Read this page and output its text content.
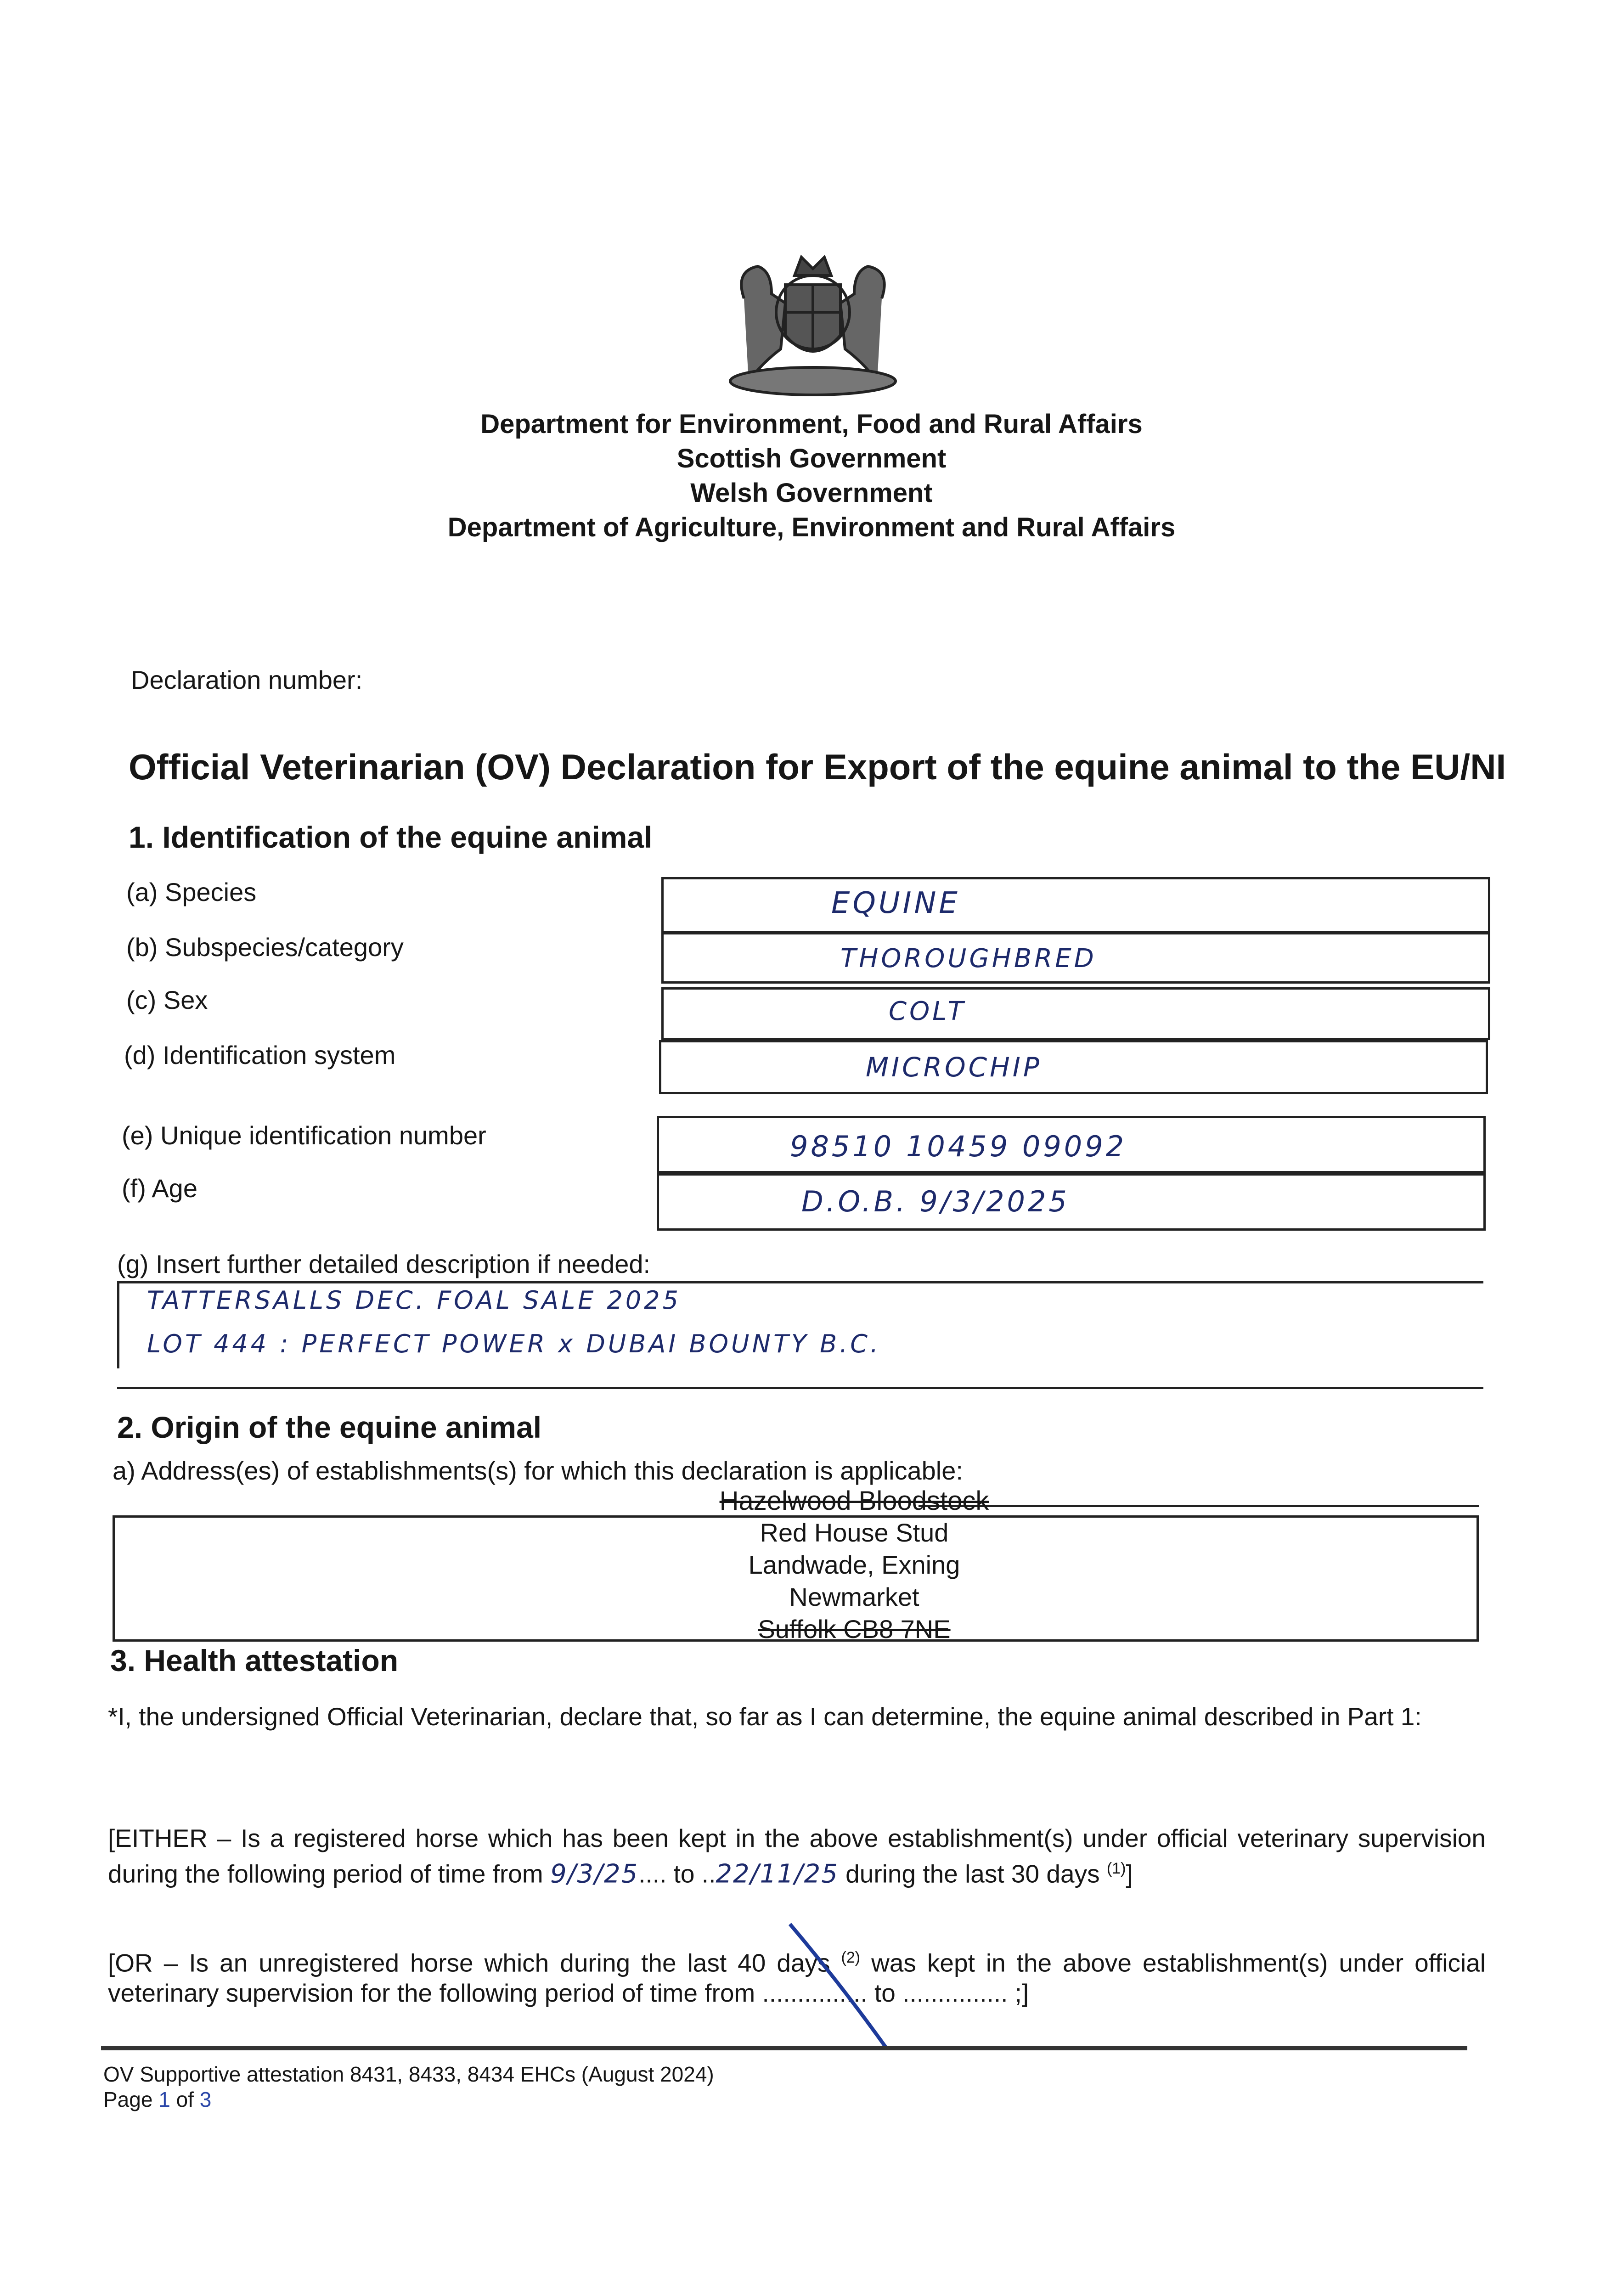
Department for Environment, Food and Rural Affairs
Scottish Government
Welsh Government
Department of Agriculture, Environment and Rural Affairs
Declaration number:
Official Veterinarian (OV) Declaration for Export of the equine animal to the EU/NI
1. Identification of the equine animal
(a) Species	EQUINE
(b) Subspecies/category	THOROUGHBRED
(c) Sex	COLT
(d) Identification system	MICROCHIP
(e) Unique identification number	98510 10459 09092
(f) Age	D.O.B. 9/3/2025
(g) Insert further detailed description if needed:
TATTERSALLS DEC. FOAL SALE 2025
LOT 444 : PERFECT POWER x DUBAI BOUNTY B.C.
2. Origin of the equine animal
a) Address(es) of establishments(s) for which this declaration is applicable:
Hazelwood Bloodstock
Red House Stud
Landwade, Exning
Newmarket
Suffolk CB8 7NE
3. Health attestation
*I, the undersigned Official Veterinarian, declare that, so far as I can determine, the equine animal described in Part 1:
[EITHER – Is a registered horse which has been kept in the above establishment(s) under official veterinary supervision during the following period of time from 9/3/25.... to ..22/11/25 during the last 30 days $^{(1)}$]
[OR – Is an unregistered horse which during the last 40 days $^{(2)}$ was kept in the above establishment(s) under official veterinary supervision for the following period of time from ............... to ............... ;]
OV Supportive attestation 8431, 8433, 8434 EHCs (August 2024)
Page 1 of 3
